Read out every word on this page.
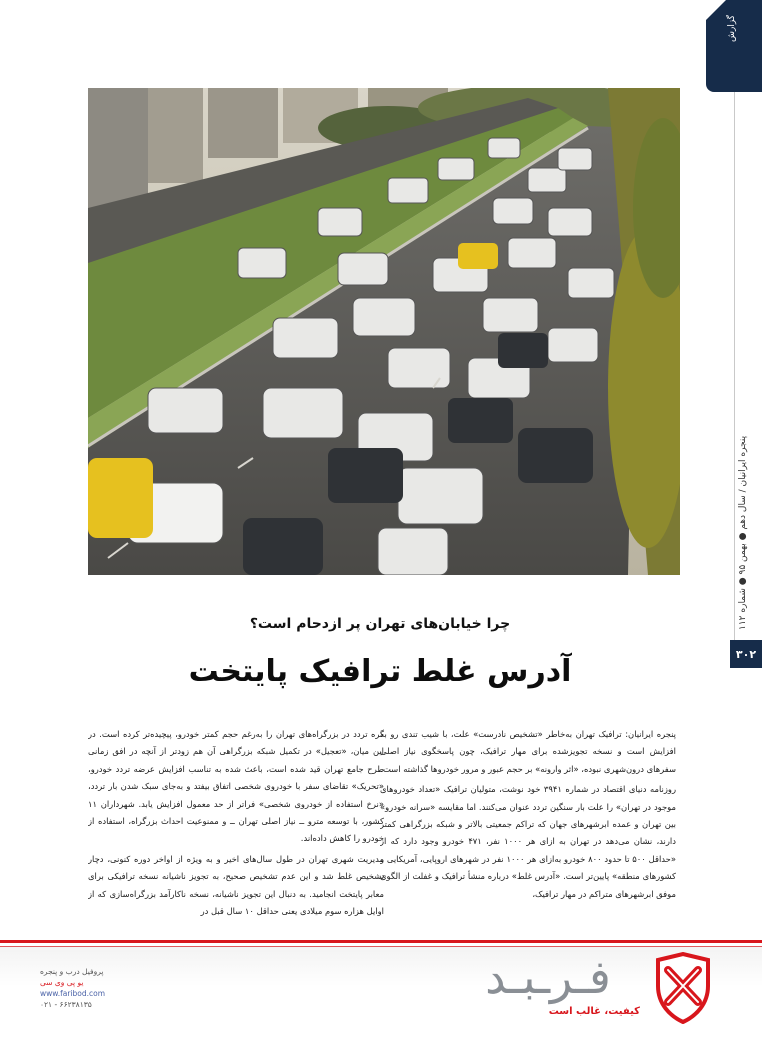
گزارش
پنجره ایرانیان / سال دهم ● بهمن ۹۵ ● شماره ۱۱۲
۳۰۲
چرا خیابان‌های تهران پر ازدحام است؟
آدرس غلط ترافیک پایتخت

پنجره ایرانیان: ترافیک تهران به‌خاطر «تشخیص نادرست» علت، با شیب تندی رو به افزایش است و نسخه تجویزشده برای مهار ترافیک، چون پاسخگوی نیاز اصلی سفرهای درون‌شهری نبوده، «اثر وارونه» بر حجم عبور و مرور خودروها گذاشته است.

روزنامه دنیای اقتصاد در شماره ۳۹۴۱ خود نوشت، متولیان ترافیک «تعداد خودروهای موجود در تهران» را علت بار سنگین تردد عنوان می‌کنند. اما مقایسه «سرانه خودرو» بین تهران و عمده ابرشهرهای جهان که تراکم جمعیتی بالاتر و شبکه بزرگراهی کمتر دارند، نشان می‌دهد در تهران به ازای هر ۱۰۰۰ نفر، ۴۷۱ خودرو وجود دارد که از «حداقل ۵۰۰ تا حدود ۸۰۰ خودرو به‌ازای هر ۱۰۰۰ نفر در شهرهای اروپایی، آمریکایی و کشورهای منطقه» پایین‌تر است. «آدرس غلط» درباره منشأ ترافیک و غفلت از الگوی موفق ابرشهرهای متراکم در مهار ترافیک،

گره تردد در بزرگراه‌های تهران را به‌رغم حجم کمتر خودرو، پیچیده‌تر کرده است. در این میان، «تعجیل» در تکمیل شبکه بزرگراهی آن هم زودتر از آنچه در افق زمانی طرح جامع تهران قید شده است، باعث شده به تناسب افزایش عرضه تردد خودرو، «تحریک» تقاضای سفر با خودروی شخصی اتفاق بیفتد و به‌جای سبک شدن بار تردد، «نرخ استفاده از خودروی شخصی» فراتر از حد معمول افزایش یابد. شهرداران ۱۱ کشور، با توسعه مترو ــ نیاز اصلی تهران ــ و ممنوعیت احداث بزرگراه، استفاده از خودرو را کاهش داده‌اند.

مدیریت شهری تهران در طول سال‌های اخیر و به ویژه از اواخر دوره کنونی، دچار تشخیص غلط شد و این عدم تشخیص صحیح، به تجویز ناشیانه نسخه ترافیکی برای معابر پایتخت انجامید. به دنبال این تجویز ناشیانه، نسخه ناکارآمد بزرگراه‌سازی که از اوایل هزاره سوم میلادی یعنی حداقل ۱۰ سال قبل در

فـرـبـد
کیفیت، غالب است
پروفیل درب و پنجره
یو پی وی سی
www.faribod.com
۰۲۱ - ۶۶۲۳۸۱۳۵
